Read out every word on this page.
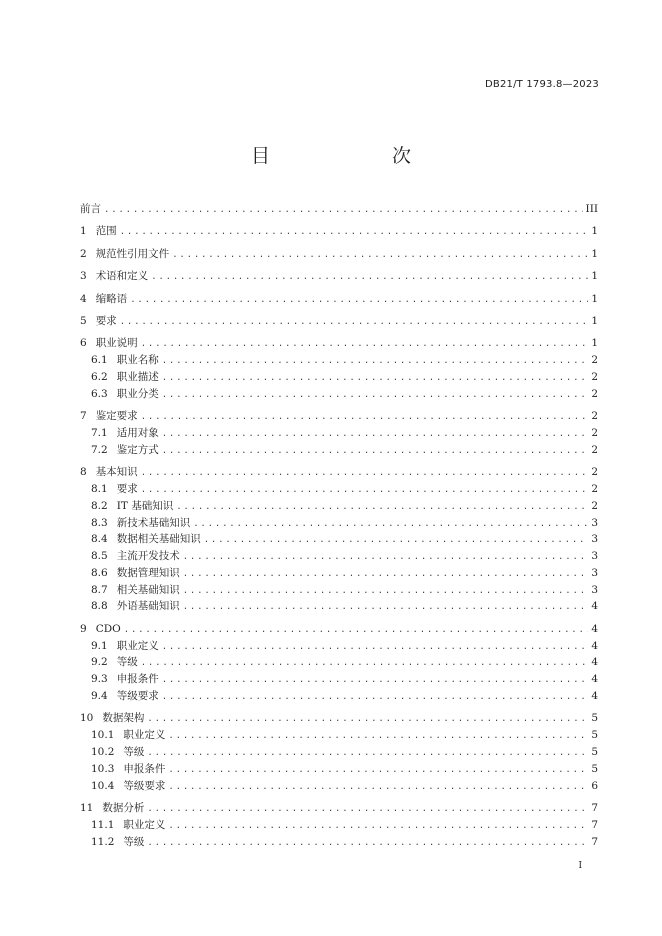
DB21/T 1793.8—2023
目　　次
前言 .....	III
1 范围 .....	1
2 规范性引用文件 .....	1
3 术语和定义 .....	1
4 缩略语 .....	1
5 要求 .....	1
6 职业说明 .....	1
6.1 职业名称 .....	2
6.2 职业描述 .....	2
6.3 职业分类 .....	2
7 鉴定要求 .....	2
7.1 适用对象 .....	2
7.2 鉴定方式 .....	2
8 基本知识 .....	2
8.1 要求 .....	2
8.2 IT 基础知识 .....	2
8.3 新技术基础知识 .....	3
8.4 数据相关基础知识 .....	3
8.5 主流开发技术 .....	3
8.6 数据管理知识 .....	3
8.7 相关基础知识 .....	3
8.8 外语基础知识 .....	4
9 CDO .....	4
9.1 职业定义 .....	4
9.2 等级 .....	4
9.3 申报条件 .....	4
9.4 等级要求 .....	4
10 数据架构 .....	5
10.1 职业定义 .....	5
10.2 等级 .....	5
10.3 申报条件 .....	5
10.4 等级要求 .....	6
11 数据分析 .....	7
11.1 职业定义 .....	7
11.2 等级 .....	7
I
